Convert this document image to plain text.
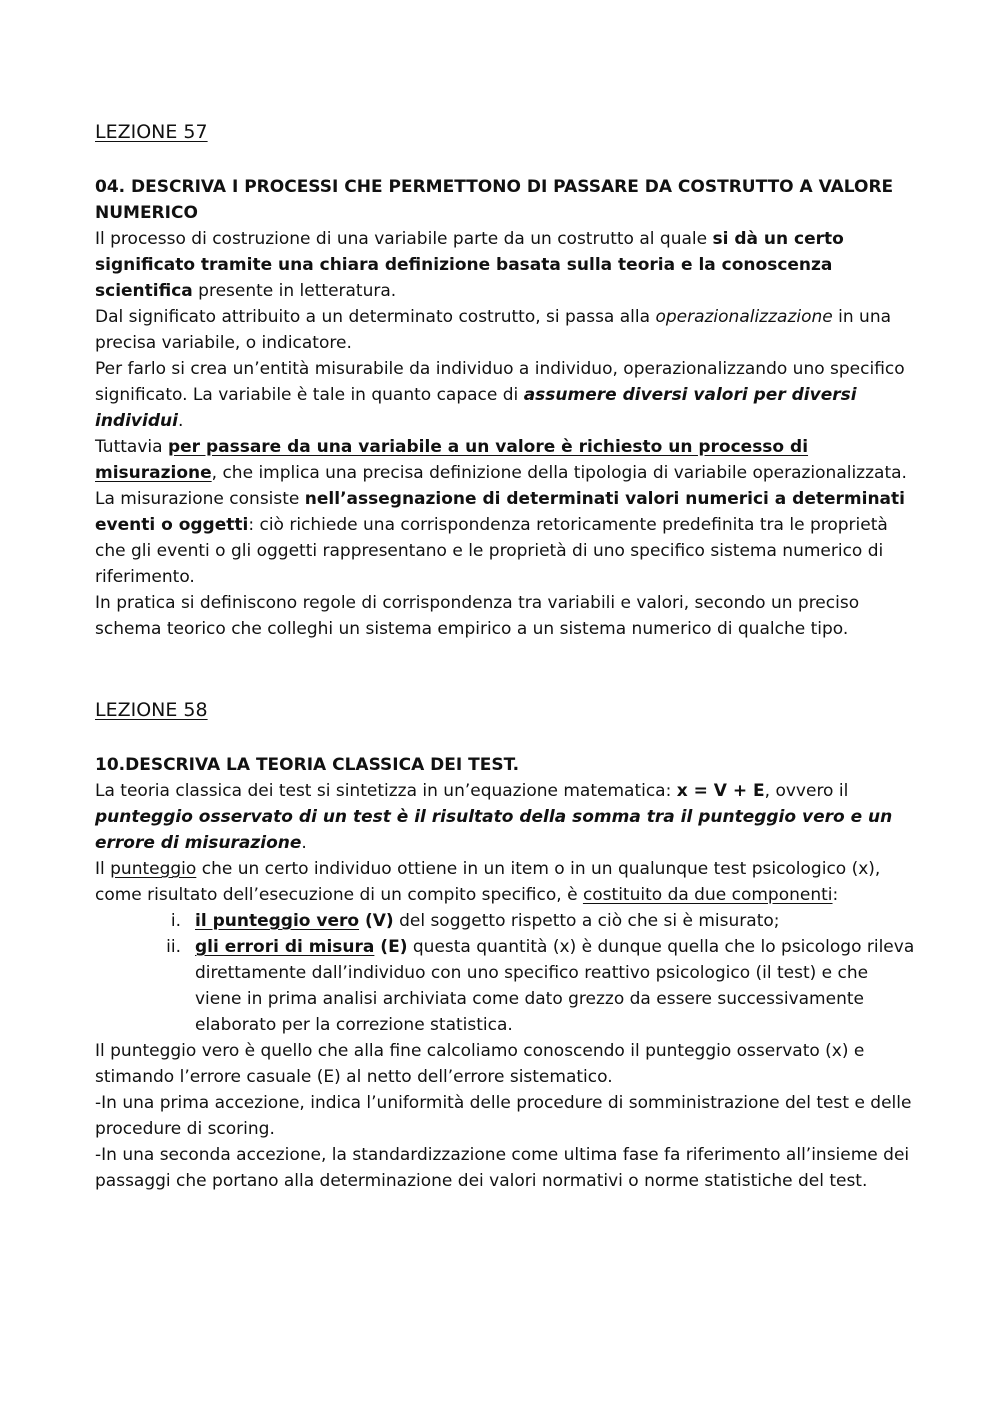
LEZIONE 57
04. DESCRIVA I PROCESSI CHE PERMETTONO DI PASSARE DA COSTRUTTO A VALORE NUMERICO

Il processo di costruzione di una variabile parte da un costrutto al quale si dà un certo significato tramite una chiara definizione basata sulla teoria e la conoscenza scientifica presente in letteratura.

Dal significato attribuito a un determinato costrutto, si passa alla operazionalizzazione in una precisa variabile, o indicatore.

Per farlo si crea un’entità misurabile da individuo a individuo, operazionalizzando uno specifico significato. La variabile è tale in quanto capace di assumere diversi valori per diversi individui.

Tuttavia per passare da una variabile a un valore è richiesto un processo di misurazione, che implica una precisa definizione della tipologia di variabile operazionalizzata.

La misurazione consiste nell’assegnazione di determinati valori numerici a determinati eventi o oggetti: ciò richiede una corrispondenza retoricamente predefinita tra le proprietà che gli eventi o gli oggetti rappresentano e le proprietà di uno specifico sistema numerico di riferimento.

In pratica si definiscono regole di corrispondenza tra variabili e valori, secondo un preciso schema teorico che colleghi un sistema empirico a un sistema numerico di qualche tipo.

LEZIONE 58
10.DESCRIVA LA TEORIA CLASSICA DEI TEST.

La teoria classica dei test si sintetizza in un’equazione matematica: x = V + E, ovvero il punteggio osservato di un test è il risultato della somma tra il punteggio vero e un errore di misurazione.

Il punteggio che un certo individuo ottiene in un item o in un qualunque test psicologico (x), come risultato dell’esecuzione di un compito specifico, è costituito da due componenti:

i. il punteggio vero (V) del soggetto rispetto a ciò che si è misurato;
ii. gli errori di misura (E) questa quantità (x) è dunque quella che lo psicologo rileva direttamente dall’individuo con uno specifico reattivo psicologico (il test) e che viene in prima analisi archiviata come dato grezzo da essere successivamente elaborato per la correzione statistica.

Il punteggio vero è quello che alla fine calcoliamo conoscendo il punteggio osservato (x) e stimando l’errore casuale (E) al netto dell’errore sistematico.

-In una prima accezione, indica l’uniformità delle procedure di somministrazione del test e delle procedure di scoring.

-In una seconda accezione, la standardizzazione come ultima fase fa riferimento all’insieme dei passaggi che portano alla determinazione dei valori normativi o norme statistiche del test.
